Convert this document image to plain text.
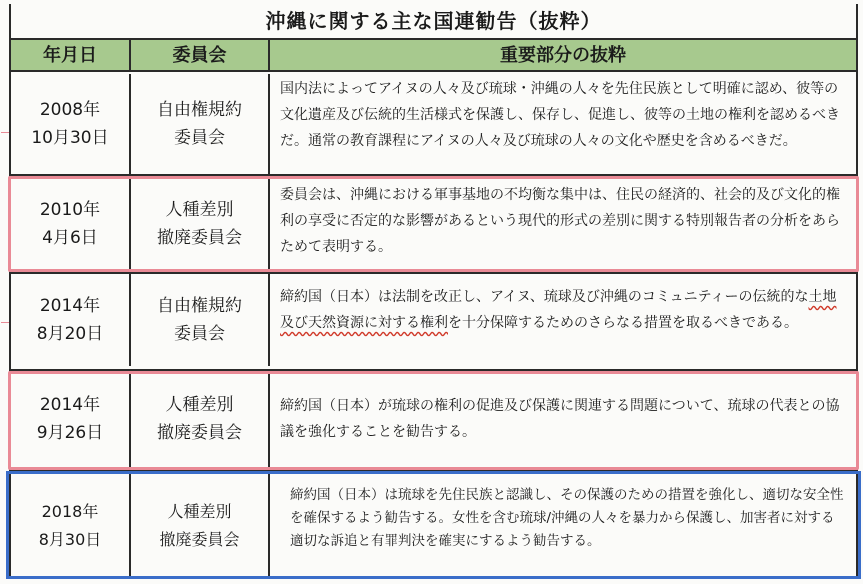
沖縄に関する主な国連勧告（抜粋）
年月日	委員会	重要部分の抜粋
2008年
10月30日
自由権規約
委員会
国内法によってアイヌの人々及び琉球・沖縄の人々を先住民族として明確に認め、彼等の文化遺産及び伝統的生活様式を保護し、保存し、促進し、彼等の土地の権利を認めるべきだ。通常の教育課程にアイヌの人々及び琉球の人々の文化や歴史を含めるべきだ。
2010年
4月6日
人種差別
撤廃委員会
委員会は、沖縄における軍事基地の不均衡な集中は、住民の経済的、社会的及び文化的権利の享受に否定的な影響があるという現代的形式の差別に関する特別報告者の分析をあらためて表明する。
2014年
8月20日
自由権規約
委員会
締約国（日本）は法制を改正し、アイヌ、琉球及び沖縄のコミュニティーの伝統的な土地及び天然資源に対する権利を十分保障するためのさらなる措置を取るべきである。
2014年
9月26日
人種差別
撤廃委員会
締約国（日本）が琉球の権利の促進及び保護に関連する問題について、琉球の代表との協議を強化することを勧告する。
2018年
8月30日
人種差別
撤廃委員会
締約国（日本）は琉球を先住民族と認識し、その保護のための措置を強化し、適切な安全性を確保するよう勧告する。女性を含む琉球/沖縄の人々を暴力から保護し、加害者に対する適切な訴追と有罪判決を確実にするよう勧告する。
